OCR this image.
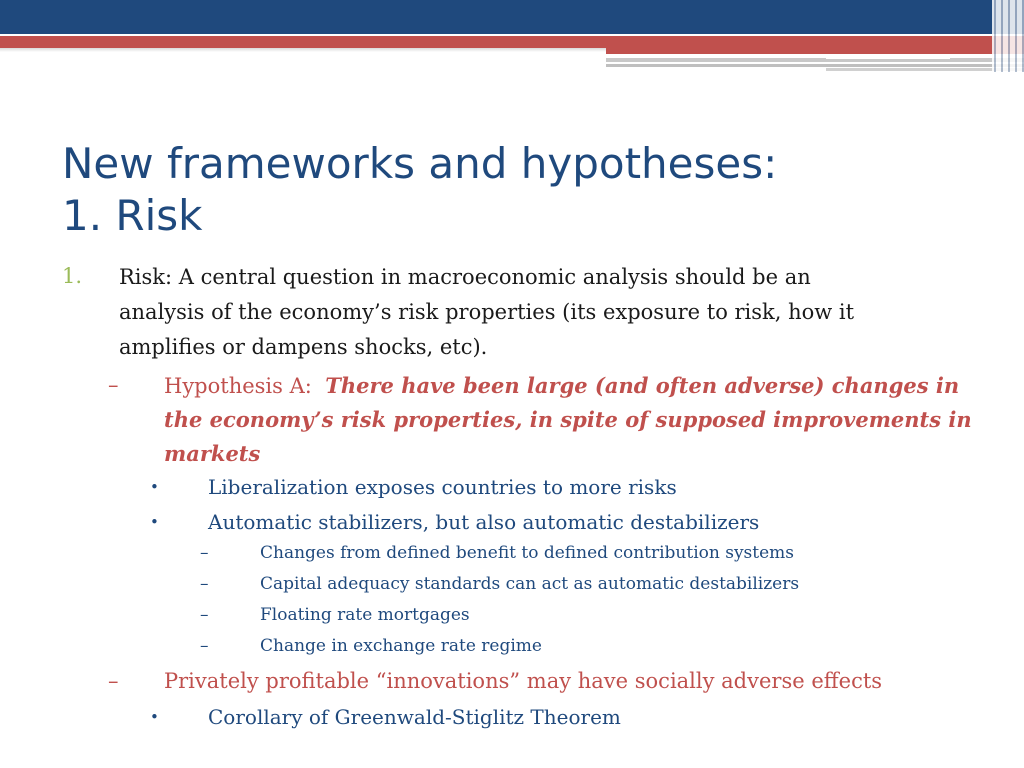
New frameworks and hypotheses:
1. Risk
1. Risk: A central question in macroeconomic analysis should be an
analysis of the economy’s risk properties (its exposure to risk, how it
amplifies or dampens shocks, etc).
– Hypothesis A:  There have been large (and often adverse) changes in
the economy’s risk properties, in spite of supposed improvements in
markets
• Liberalization exposes countries to more risks
• Automatic stabilizers, but also automatic destabilizers
–	Changes from defined benefit to defined contribution systems
–	Capital adequacy standards can act as automatic destabilizers
–	Floating rate mortgages
–	Change in exchange rate regime
– Privately profitable “innovations” may have socially adverse effects
• Corollary of Greenwald-Stiglitz Theorem
